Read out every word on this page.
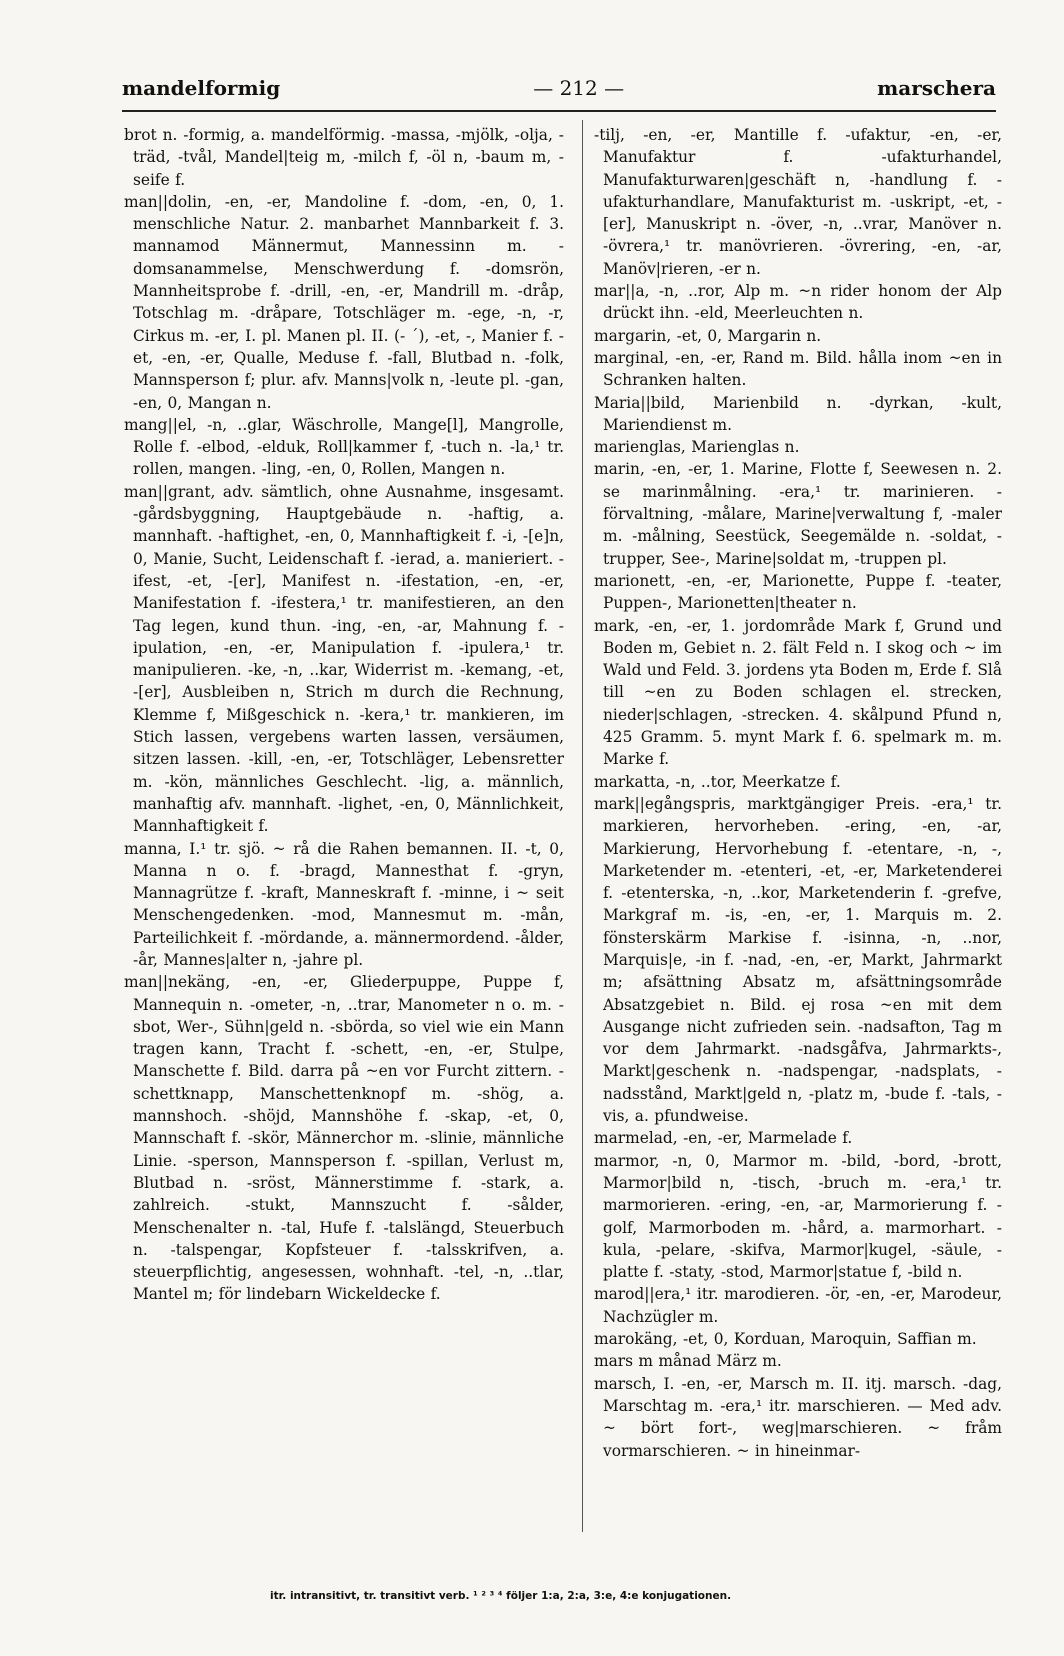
mandelformig	— 212 —	marschera

brot n. -formig, a. mandelförmig. -massa, -mjölk, -olja, -träd, -tvål, Mandel|teig m, -milch f, -öl n, -baum m, -seife f.

man||dolin, -en, -er, Mandoline f. -dom, -en, 0, 1. menschliche Natur. 2. manbarhet Mannbarkeit f. 3. mannamod Männermut, Mannessinn m. -domsanammelse, Menschwerdung f. -domsrön, Mannheitsprobe f. -drill, -en, -er, Mandrill m. -dråp, Totschlag m. -dråpare, Totschläger m. -ege, -n, -r, Cirkus m. -er, I. pl. Manen pl. II. (- ´), -et, -, Manier f. -et, -en, -er, Qualle, Meduse f. -fall, Blutbad n. -folk, Mannsperson f; plur. afv. Manns|volk n, -leute pl. -gan, -en, 0, Mangan n.

mang||el, -n, ..glar, Wäschrolle, Mange[l], Mangrolle, Rolle f. -elbod, -elduk, Roll|kammer f, -tuch n. -la,¹ tr. rollen, mangen. -ling, -en, 0, Rollen, Mangen n.

man||grant, adv. sämtlich, ohne Ausnahme, insgesamt. -gårdsbyggning, Hauptgebäude n. -haftig, a. mannhaft. -haftighet, -en, 0, Mannhaftigkeit f. -i, -[e]n, 0, Manie, Sucht, Leidenschaft f. -ierad, a. manieriert. -ifest, -et, -[er], Manifest n. -ifestation, -en, -er, Manifestation f. -ifestera,¹ tr. manifestieren, an den Tag legen, kund thun. -ing, -en, -ar, Mahnung f. -ipulation, -en, -er, Manipulation f. -ipulera,¹ tr. manipulieren. -ke, -n, ..kar, Widerrist m. -kemang, -et, -[er], Ausbleiben n, Strich m durch die Rechnung, Klemme f, Mißgeschick n. -kera,¹ tr. mankieren, im Stich lassen, vergebens warten lassen, versäumen, sitzen lassen. -kill, -en, -er, Totschläger, Lebensretter m. -kön, männliches Geschlecht. -lig, a. männlich, manhaftig afv. mannhaft. -lighet, -en, 0, Männlichkeit, Mannhaftigkeit f.

manna, I.¹ tr. sjö. ~ rå die Rahen bemannen. II. -t, 0, Manna n o. f. -bragd, Mannesthat f. -gryn, Mannagrütze f. -kraft, Manneskraft f. -minne, i ~ seit Menschengedenken. -mod, Mannesmut m. -mån, Parteilichkeit f. -mördande, a. männermordend. -ålder, -år, Mannes|alter n, -jahre pl.

man||nekäng, -en, -er, Gliederpuppe, Puppe f, Mannequin n. -ometer, -n, ..trar, Manometer n o. m. -sbot, Wer-, Sühn|geld n. -sbörda, so viel wie ein Mann tragen kann, Tracht f. -schett, -en, -er, Stulpe, Manschette f. Bild. darra på ~en vor Furcht zittern. -schettknapp, Manschettenknopf m. -shög, a. mannshoch. -shöjd, Mannshöhe f. -skap, -et, 0, Mannschaft f. -skör, Männerchor m. -slinie, männliche Linie. -sperson, Mannsperson f. -spillan, Verlust m, Blutbad n. -sröst, Männerstimme f. -stark, a. zahlreich. -stukt, Mannszucht f. -sålder, Menschenalter n. -tal, Hufe f. -talslängd, Steuerbuch n. -talspengar, Kopfsteuer f. -talsskrifven, a. steuerpflichtig, angesessen, wohnhaft. -tel, -n, ..tlar, Mantel m; för lindebarn Wickeldecke f.

-tilj, -en, -er, Mantille f. -ufaktur, -en, -er, Manufaktur f. -ufakturhandel, Manufakturwaren|geschäft n, -handlung f. -ufakturhandlare, Manufakturist m. -uskript, -et, -[er], Manuskript n. -över, -n, ..vrar, Manöver n. -övrera,¹ tr. manövrieren. -övrering, -en, -ar, Manöv|rieren, -er n.

mar||a, -n, ..ror, Alp m. ~n rider honom der Alp drückt ihn. -eld, Meerleuchten n.

margarin, -et, 0, Margarin n.

marginal, -en, -er, Rand m. Bild. hålla inom ~en in Schranken halten.

Maria||bild, Marienbild n. -dyrkan, -kult, Mariendienst m.

marienglas, Marienglas n.

marin, -en, -er, 1. Marine, Flotte f, Seewesen n. 2. se marinmålning. -era,¹ tr. marinieren. -förvaltning, -målare, Marine|verwaltung f, -maler m. -målning, Seestück, Seegemälde n. -soldat, -trupper, See-, Marine|soldat m, -truppen pl.

marionett, -en, -er, Marionette, Puppe f. -teater, Puppen-, Marionetten|theater n.

mark, -en, -er, 1. jordområde Mark f, Grund und Boden m, Gebiet n. 2. fält Feld n. I skog och ~ im Wald und Feld. 3. jordens yta Boden m, Erde f. Slå till ~en zu Boden schlagen el. strecken, nieder|schlagen, -strecken. 4. skålpund Pfund n, 425 Gramm. 5. mynt Mark f. 6. spelmark m. m. Marke f.

markatta, -n, ..tor, Meerkatze f.

mark||egångspris, marktgängiger Preis. -era,¹ tr. markieren, hervorheben. -ering, -en, -ar, Markierung, Hervorhebung f. -etentare, -n, -, Marketender m. -etenteri, -et, -er, Marketenderei f. -etenterska, -n, ..kor, Marketenderin f. -grefve, Markgraf m. -is, -en, -er, 1. Marquis m. 2. fönsterskärm Markise f. -isinna, -n, ..nor, Marquis|e, -in f. -nad, -en, -er, Markt, Jahrmarkt m; afsättning Absatz m, afsättningsområde Absatzgebiet n. Bild. ej rosa ~en mit dem Ausgange nicht zufrieden sein. -nadsafton, Tag m vor dem Jahrmarkt. -nadsgåfva, Jahrmarkts-, Markt|geschenk n. -nadspengar, -nadsplats, -nadsstånd, Markt|geld n, -platz m, -bude f. -tals, -vis, a. pfundweise.

marmelad, -en, -er, Marmelade f.

marmor, -n, 0, Marmor m. -bild, -bord, -brott, Marmor|bild n, -tisch, -bruch m. -era,¹ tr. marmorieren. -ering, -en, -ar, Marmorierung f. -golf, Marmorboden m. -hård, a. marmorhart. -kula, -pelare, -skifva, Marmor|kugel, -säule, -platte f. -staty, -stod, Marmor|statue f, -bild n.

marod||era,¹ itr. marodieren. -ör, -en, -er, Marodeur, Nachzügler m.

marokäng, -et, 0, Korduan, Maroquin, Saffian m.

mars m månad März m.

marsch, I. -en, -er, Marsch m. II. itj. marsch. -dag, Marschtag m. -era,¹ itr. marschieren. — Med adv. ~ bört fort-, weg|marschieren. ~ fråm vormarschieren. ~ in hineinmar-

itr. intransitivt, tr. transitivt verb. ¹ ² ³ ⁴ följer 1:a, 2:a, 3:e, 4:e konjugationen.
